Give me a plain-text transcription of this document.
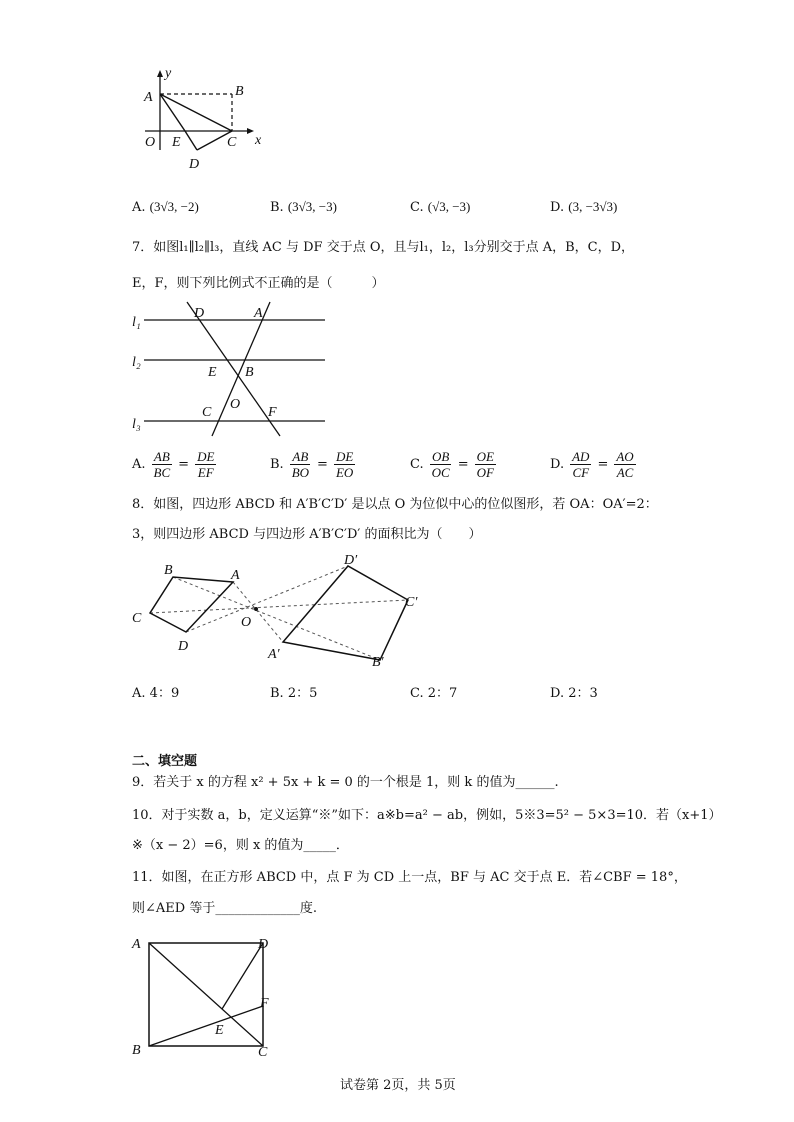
y
x
A	B
O E	C
D
A. (3√3, −2)	B. (3√3, −3)	C. (√3, −3)	D. (3, −3√3)
7．如图l₁∥l₂∥l₃，直线 AC 与 DF 交于点 O，且与l₁，l₂，l₃分别交于点 A，B，C，D，
E，F，则下列比例式不正确的是（　　　）
l₁
l₂
l₃
D	A
E B
O
C	F
A. $\frac{AB}{BC} = \frac{DE}{EF}$	B. $\frac{AB}{BO} = \frac{DE}{EO}$	C. $\frac{OB}{OC} = \frac{OE}{OF}$	D. $\frac{AD}{CF} = \frac{AO}{AC}$
8．如图，四边形 ABCD 和 A′B′C′D′ 是以点 O 为位似中心的位似图形，若 OA：OA′=2：
3，则四边形 ABCD 与四边形 A′B′C′D′ 的面积比为（　　）
B	A
C
D
O
D′
C′
A′
B′
A. 4：9	B. 2：5	C. 2：7	D. 2：3
二、填空题
9．若关于 x 的方程 x² + 5x + k = 0 的一个根是 1，则 k 的值为______.
10．对于实数 a，b，定义运算“※”如下：a※b=a² − ab，例如，5※3=5² − 5×3=10．若（x+1）
※（x − 2）=6，则 x 的值为_____．
11．如图，在正方形 ABCD 中，点 F 为 CD 上一点，BF 与 AC 交于点 E．若∠CBF = 18°，
则∠AED 等于_____________度.
A	D
F
E
B	C
试卷第 2页，共 5页
